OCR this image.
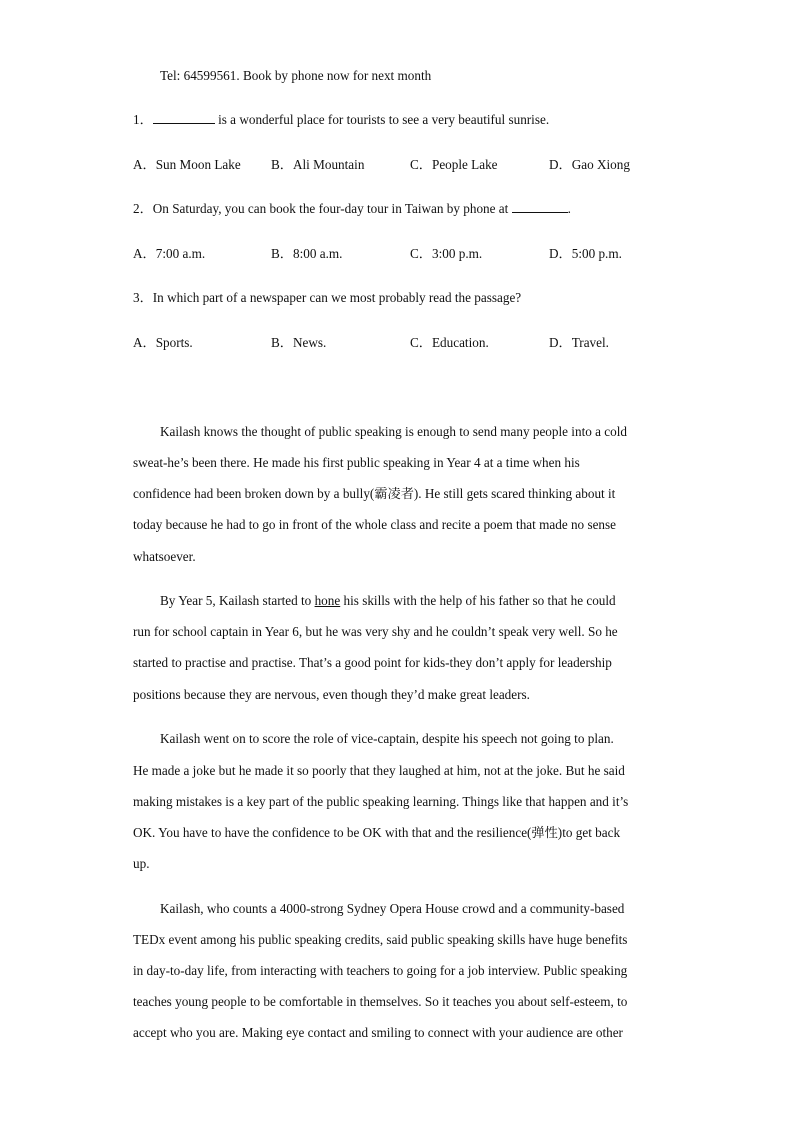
Tel: 64599561. Book by phone now for next month
1．	is a wonderful place for tourists to see a very beautiful sunrise.
A．Sun Moon Lake B．Ali Mountain	C．People Lake	D．Gao Xiong
2．On Saturday, you can book the four-day tour in Taiwan by phone at	.
A．7:00 a.m.	B．8:00 a.m.	C．3:00 p.m.	D．5:00 p.m.
3．In which part of a newspaper can we most probably read the passage?
A．Sports.	B．News.	C．Education.	D．Travel.
Kailash knows the thought of public speaking is enough to send many people into a cold
sweat-he’s been there. He made his first public speaking in Year 4 at a time when his
confidence had been broken down by a bully(霸凌者). He still gets scared thinking about it
today because he had to go in front of the whole class and recite a poem that made no sense
whatsoever.
By Year 5, Kailash started to hone his skills with the help of his father so that he could
run for school captain in Year 6, but he was very shy and he couldn’t speak very well. So he
started to practise and practise. That’s a good point for kids-they don’t apply for leadership
positions because they are nervous, even though they’d make great leaders.
Kailash went on to score the role of vice-captain, despite his speech not going to plan.
He made a joke but he made it so poorly that they laughed at him, not at the joke. But he said
making mistakes is a key part of the public speaking learning. Things like that happen and it’s
OK. You have to have the confidence to be OK with that and the resilience(弹性)to get back
up.
Kailash, who counts a 4000-strong Sydney Opera House crowd and a community-based
TEDx event among his public speaking credits, said public speaking skills have huge benefits
in day-to-day life, from interacting with teachers to going for a job interview. Public speaking
teaches young people to be comfortable in themselves. So it teaches you about self-esteem, to
accept who you are. Making eye contact and smiling to connect with your audience are other
